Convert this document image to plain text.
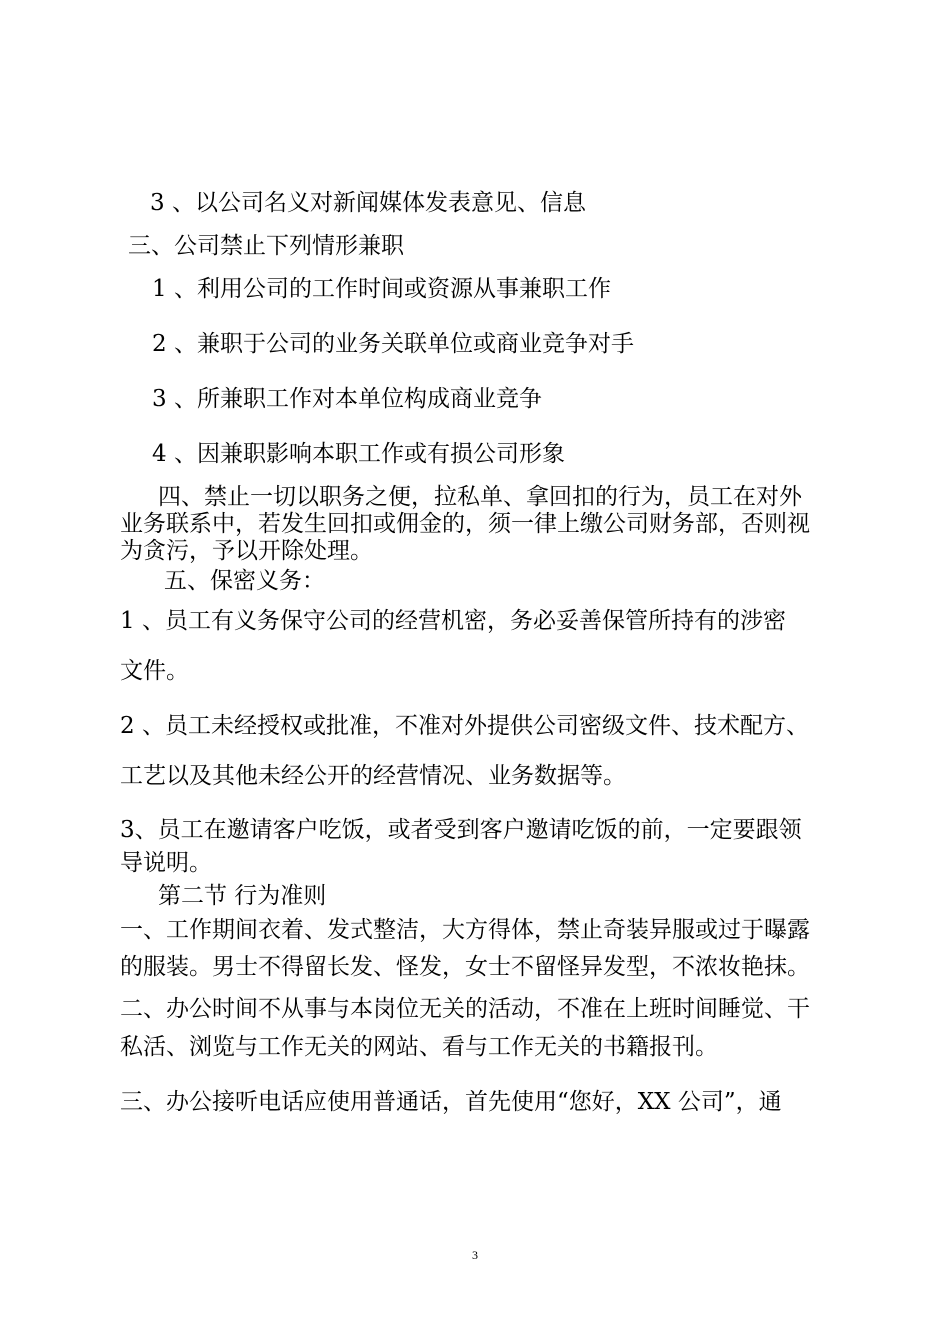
3 、以公司名义对新闻媒体发表意见、信息

三、公司禁止下列情形兼职

1 、利用公司的工作时间或资源从事兼职工作

2 、兼职于公司的业务关联单位或商业竞争对手

3 、所兼职工作对本单位构成商业竞争

4 、因兼职影响本职工作或有损公司形象

四、禁止一切以职务之便，拉私单、拿回扣的行为，员工在对外

业务联系中，若发生回扣或佣金的，须一律上缴公司财务部，否则视

为贪污，予以开除处理。

五、保密义务：

1 、员工有义务保守公司的经营机密，务必妥善保管所持有的涉密

文件。

2 、员工未经授权或批准，不准对外提供公司密级文件、技术配方、

工艺以及其他未经公开的经营情况、业务数据等。

3、员工在邀请客户吃饭，或者受到客户邀请吃饭的前，一定要跟领

导说明。

第二节 行为准则

一、工作期间衣着、发式整洁，大方得体，禁止奇装异服或过于曝露

的服装。男士不得留长发、怪发，女士不留怪异发型，不浓妆艳抹。

二、办公时间不从事与本岗位无关的活动，不准在上班时间睡觉、干

私活、浏览与工作无关的网站、看与工作无关的书籍报刊。

三、办公接听电话应使用普通话，首先使用“您好，XX 公司”，通

3
